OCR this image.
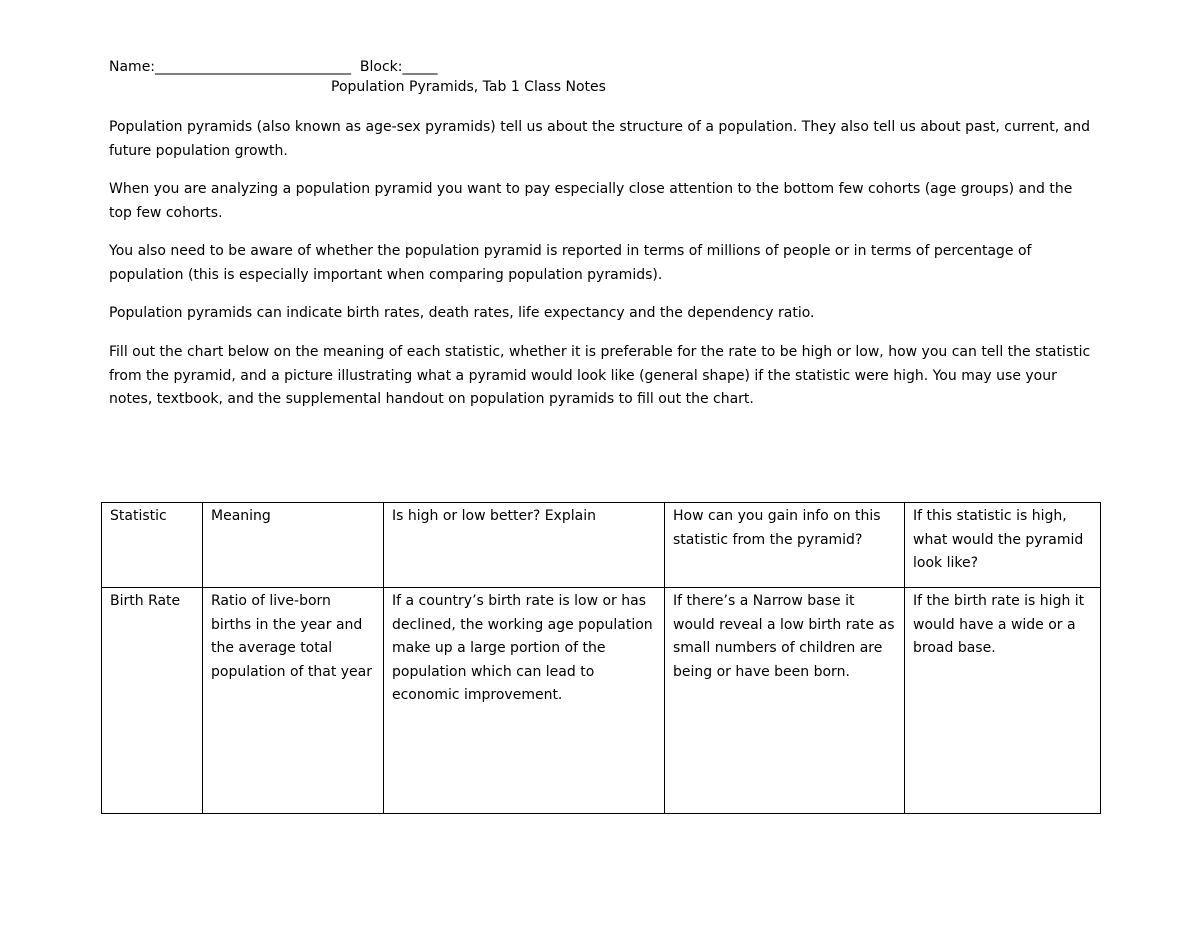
Name:____________________________  Block:_____
Population Pyramids, Tab 1 Class Notes

Population pyramids (also known as age-sex pyramids) tell us about the structure of a population. They also tell us about past, current, and future population growth.

When you are analyzing a population pyramid you want to pay especially close attention to the bottom few cohorts (age groups) and the top few cohorts.

You also need to be aware of whether the population pyramid is reported in terms of millions of people or in terms of percentage of population (this is especially important when comparing population pyramids).

Population pyramids can indicate birth rates, death rates, life expectancy and the dependency ratio.

Fill out the chart below on the meaning of each statistic, whether it is preferable for the rate to be high or low, how you can tell the statistic from the pyramid, and a picture illustrating what a pyramid would look like (general shape) if the statistic were high. You may use your notes, textbook, and the supplemental handout on population pyramids to fill out the chart.

Statistic	Meaning	Is high or low better? Explain	How can you gain info on this statistic from the pyramid?	If this statistic is high, what would the pyramid look like?
Birth Rate	Ratio of live-born births in the year and the average total population of that year	If a country’s birth rate is low or has declined, the working age population make up a large portion of the population which can lead to economic improvement.	If there’s a Narrow base it would reveal a low birth rate as small numbers of children are being or have been born.	If the birth rate is high it would have a wide or a broad base.
